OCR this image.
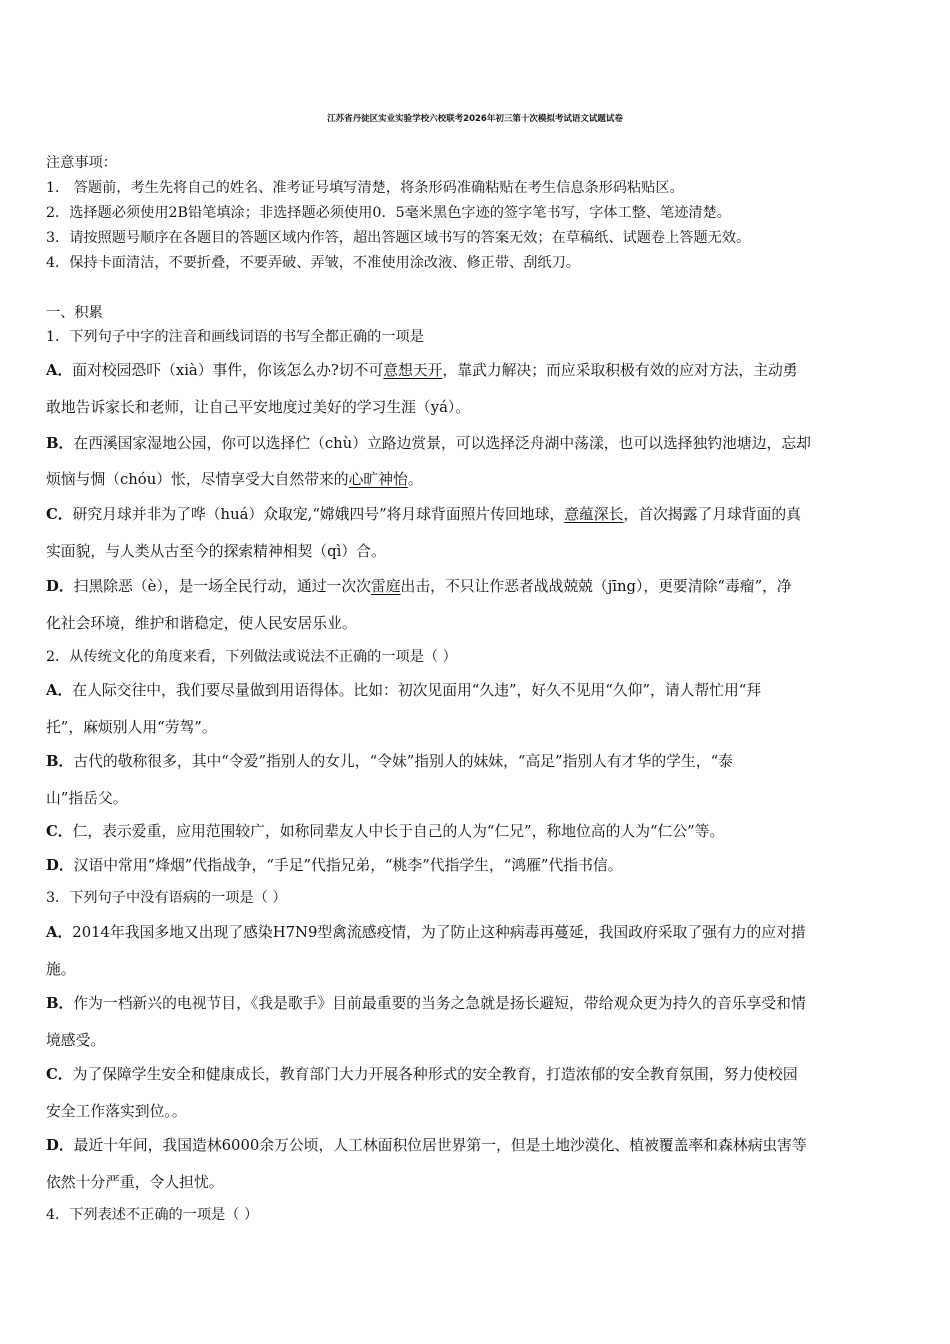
江苏省丹徒区实业实验学校六校联考2026年初三第十次模拟考试语文试题试卷
注意事项：
1． 答题前，考生先将自己的姓名、准考证号填写清楚，将条形码准确粘贴在考生信息条形码粘贴区。
2．选择题必须使用2B铅笔填涂；非选择题必须使用0．5毫米黑色字迹的签字笔书写，字体工整、笔迹清楚。
3．请按照题号顺序在各题目的答题区域内作答，超出答题区域书写的答案无效；在草稿纸、试题卷上答题无效。
4．保持卡面清洁，不要折叠，不要弄破、弄皱，不准使用涂改液、修正带、刮纸刀。
一、积累
1．下列句子中字的注音和画线词语的书写全都正确的一项是
A．面对校园恐吓（xià）事件，你该怎么办?切不可意想天开，靠武力解决；而应采取积极有效的应对方法，主动勇
敢地告诉家长和老师，让自己平安地度过美好的学习生涯（yá）。
B．在西溪国家湿地公园，你可以选择伫（chù）立路边赏景，可以选择泛舟湖中荡漾，也可以选择独钓池塘边，忘却
烦恼与惆（chóu）怅，尽情享受大自然带来的心旷神怡。
C．研究月球并非为了哗（huá）众取宠,“嫦娥四号”将月球背面照片传回地球，意蕴深长，首次揭露了月球背面的真
实面貌，与人类从古至今的探索精神相契（qì）合。
D．扫黑除恶（è），是一场全民行动，通过一次次雷庭出击，不只让作恶者战战兢兢（jīng），更要清除“毒瘤”，净
化社会环境，维护和谐稳定，使人民安居乐业。
2．从传统文化的角度来看，下列做法或说法不正确的一项是（ ）
A．在人际交往中，我们要尽量做到用语得体。比如：初次见面用“久违”，好久不见用“久仰”，请人帮忙用“拜
托”，麻烦别人用“劳驾”。
B．古代的敬称很多，其中“令爱”指别人的女儿，“令妹”指别人的妹妹，“高足”指别人有才华的学生，“泰
山”指岳父。
C．仁，表示爱重，应用范围较广，如称同辈友人中长于自己的人为“仁兄”，称地位高的人为“仁公”等。
D．汉语中常用“烽烟”代指战争，“手足”代指兄弟，“桃李”代指学生，“鸿雁”代指书信。
3．下列句子中没有语病的一项是（ ）
A．2014年我国多地又出现了感染H7N9型禽流感疫情，为了防止这种病毒再蔓延，我国政府采取了强有力的应对措
施。
B．作为一档新兴的电视节目，《我是歌手》目前最重要的当务之急就是扬长避短，带给观众更为持久的音乐享受和情
境感受。
C．为了保障学生安全和健康成长，教育部门大力开展各种形式的安全教育，打造浓郁的安全教育氛围，努力使校园
安全工作落实到位。。
D．最近十年间，我国造林6000余万公顷，人工林面积位居世界第一，但是土地沙漠化、植被覆盖率和森林病虫害等
依然十分严重，令人担忧。
4．下列表述不正确的一项是（ ）
